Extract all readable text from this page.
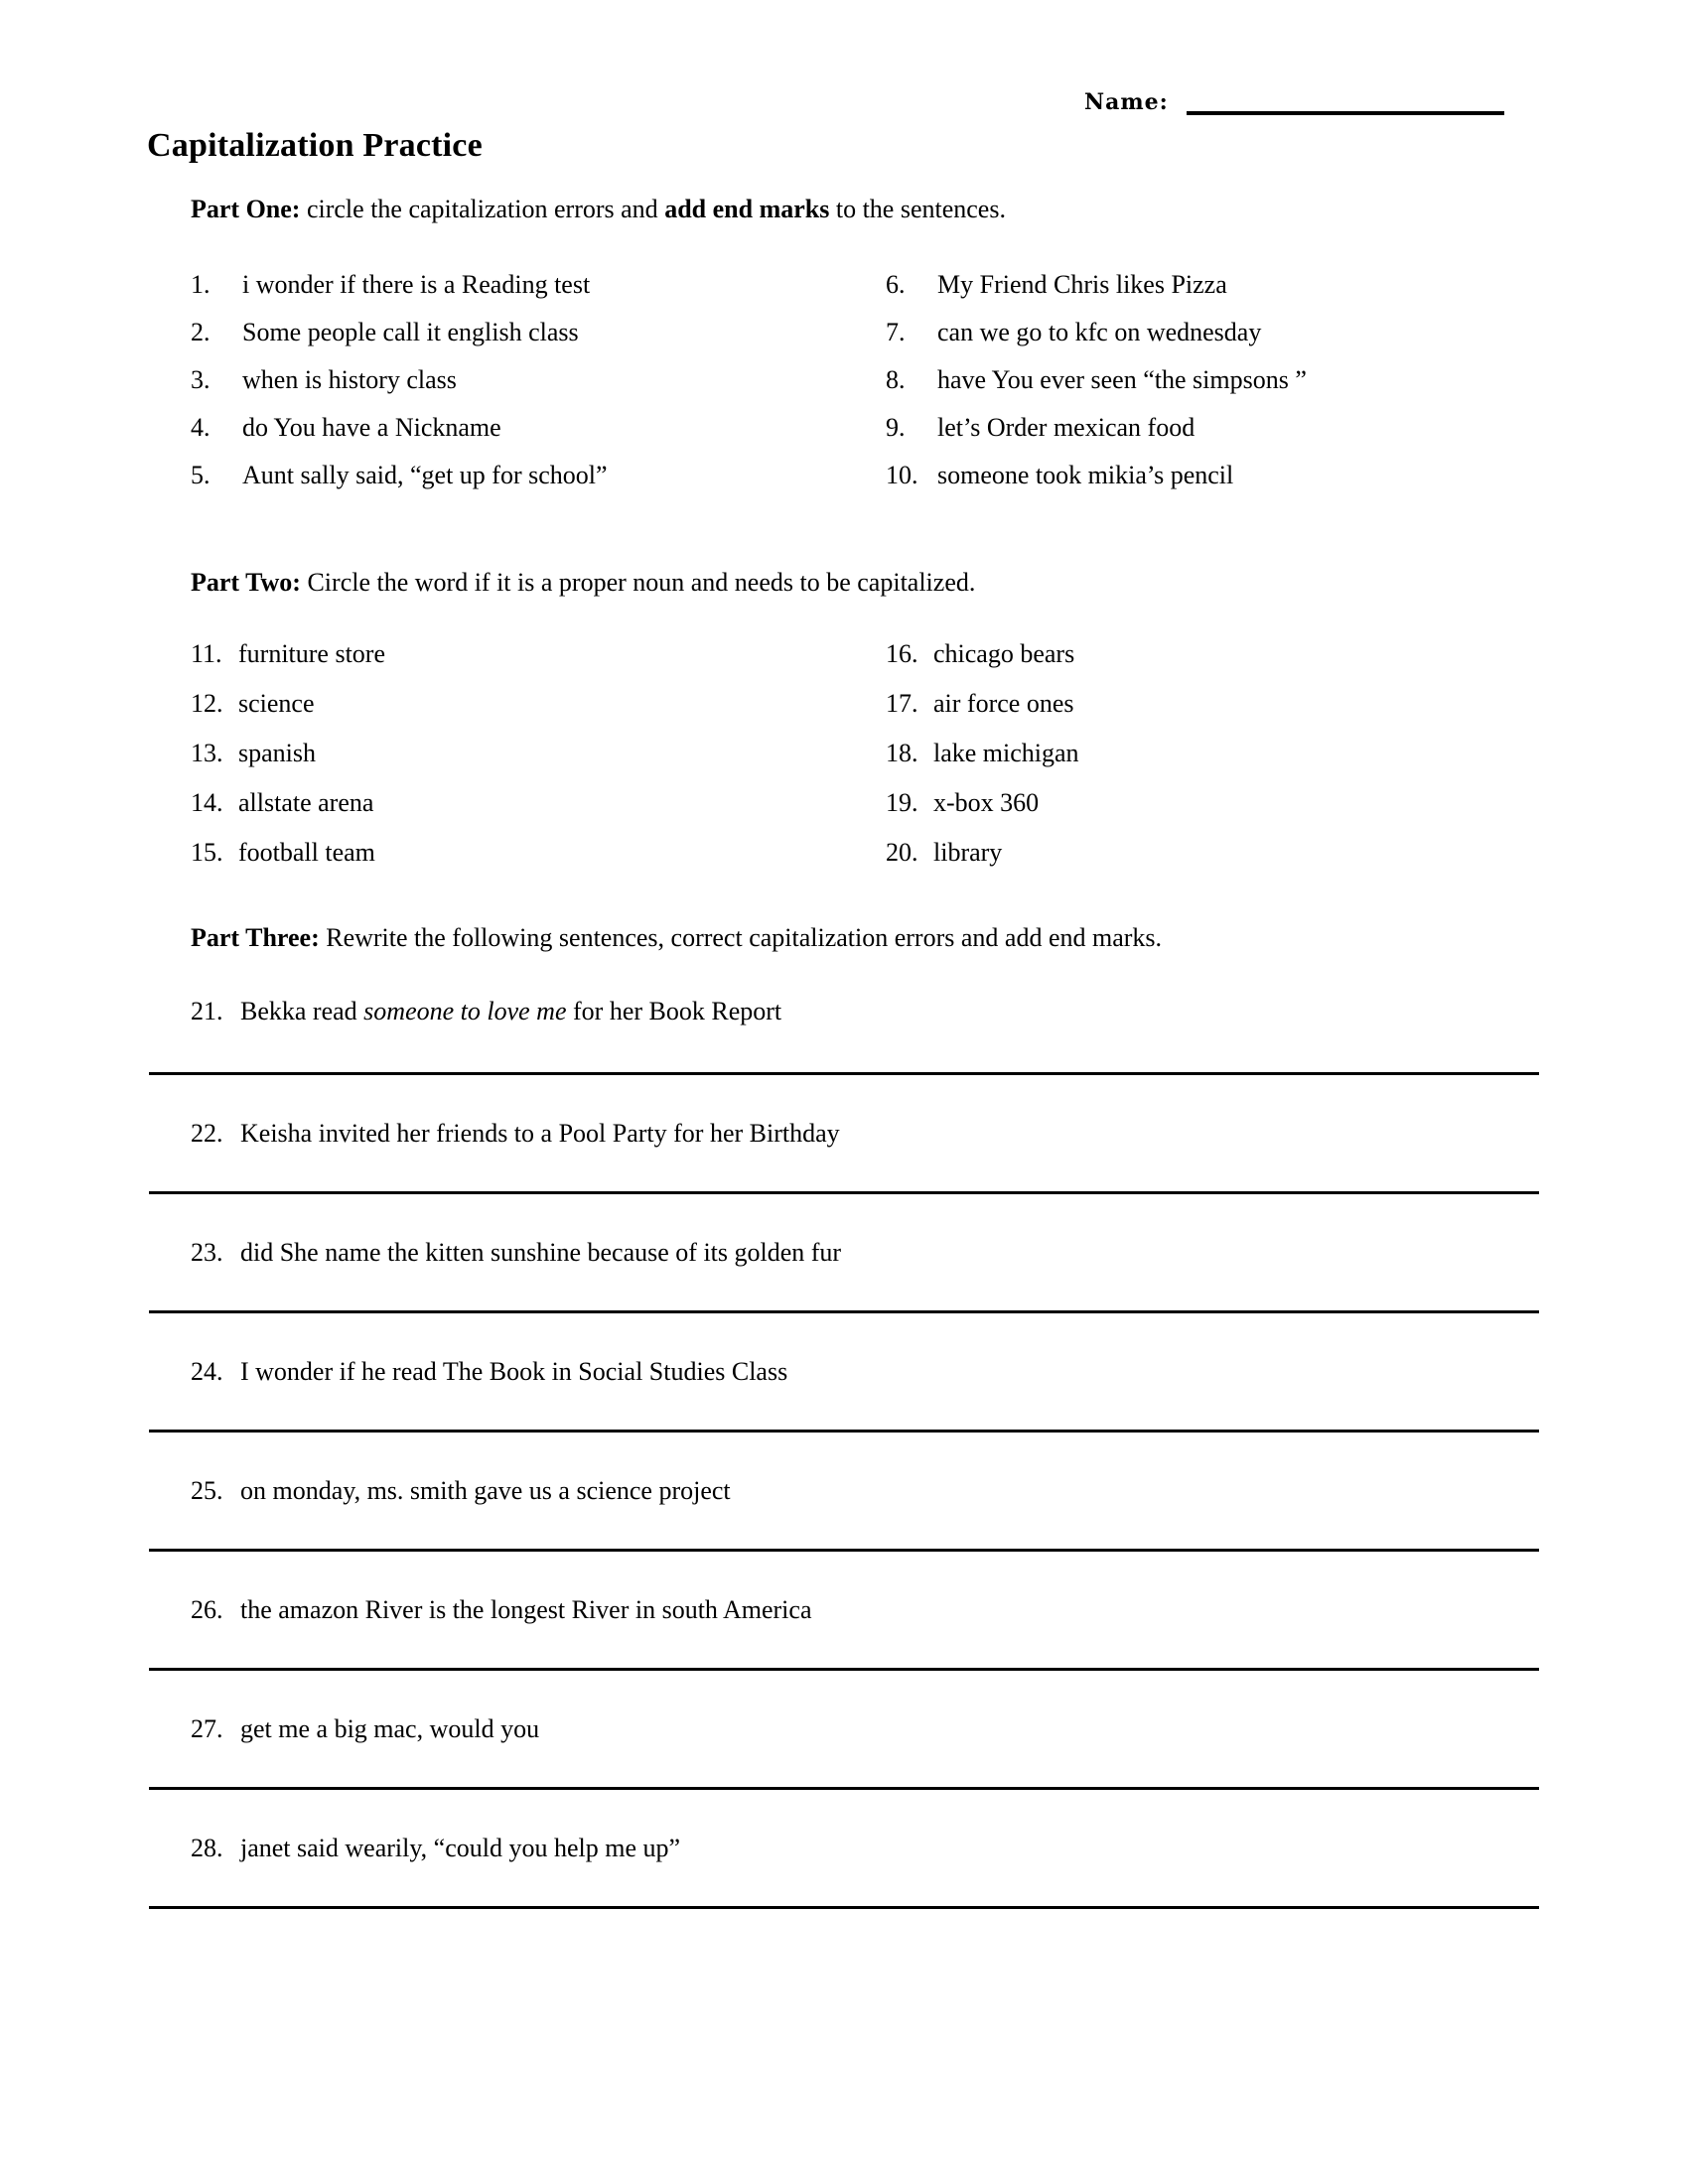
Name:
Capitalization Practice
Part One: circle the capitalization errors and add end marks to the sentences.
1.	i wonder if there is a Reading test
2.	Some people call it english class
3.	when is history class
4.	do You have a Nickname
5.	Aunt sally said, “get up for school”
6.	My Friend Chris likes Pizza
7.	can we go to kfc on wednesday
8.	have You ever seen “the simpsons ”
9.	let’s Order mexican food
10. someone took mikia’s pencil
Part Two: Circle the word if it is a proper noun and needs to be capitalized.
11. furniture store
12. science
13. spanish
14. allstate arena
15. football team
16. chicago bears
17. air force ones
18. lake michigan
19. x-box 360
20. library
Part Three: Rewrite the following sentences, correct capitalization errors and add end marks.
21. Bekka read someone to love me for her Book Report
22. Keisha invited her friends to a Pool Party for her Birthday
23. did She name the kitten sunshine because of its golden fur
24. I wonder if he read The Book in Social Studies Class
25. on monday, ms. smith gave us a science project
26. the amazon River is the longest River in south America
27. get me a big mac, would you
28. janet said wearily, “could you help me up”
